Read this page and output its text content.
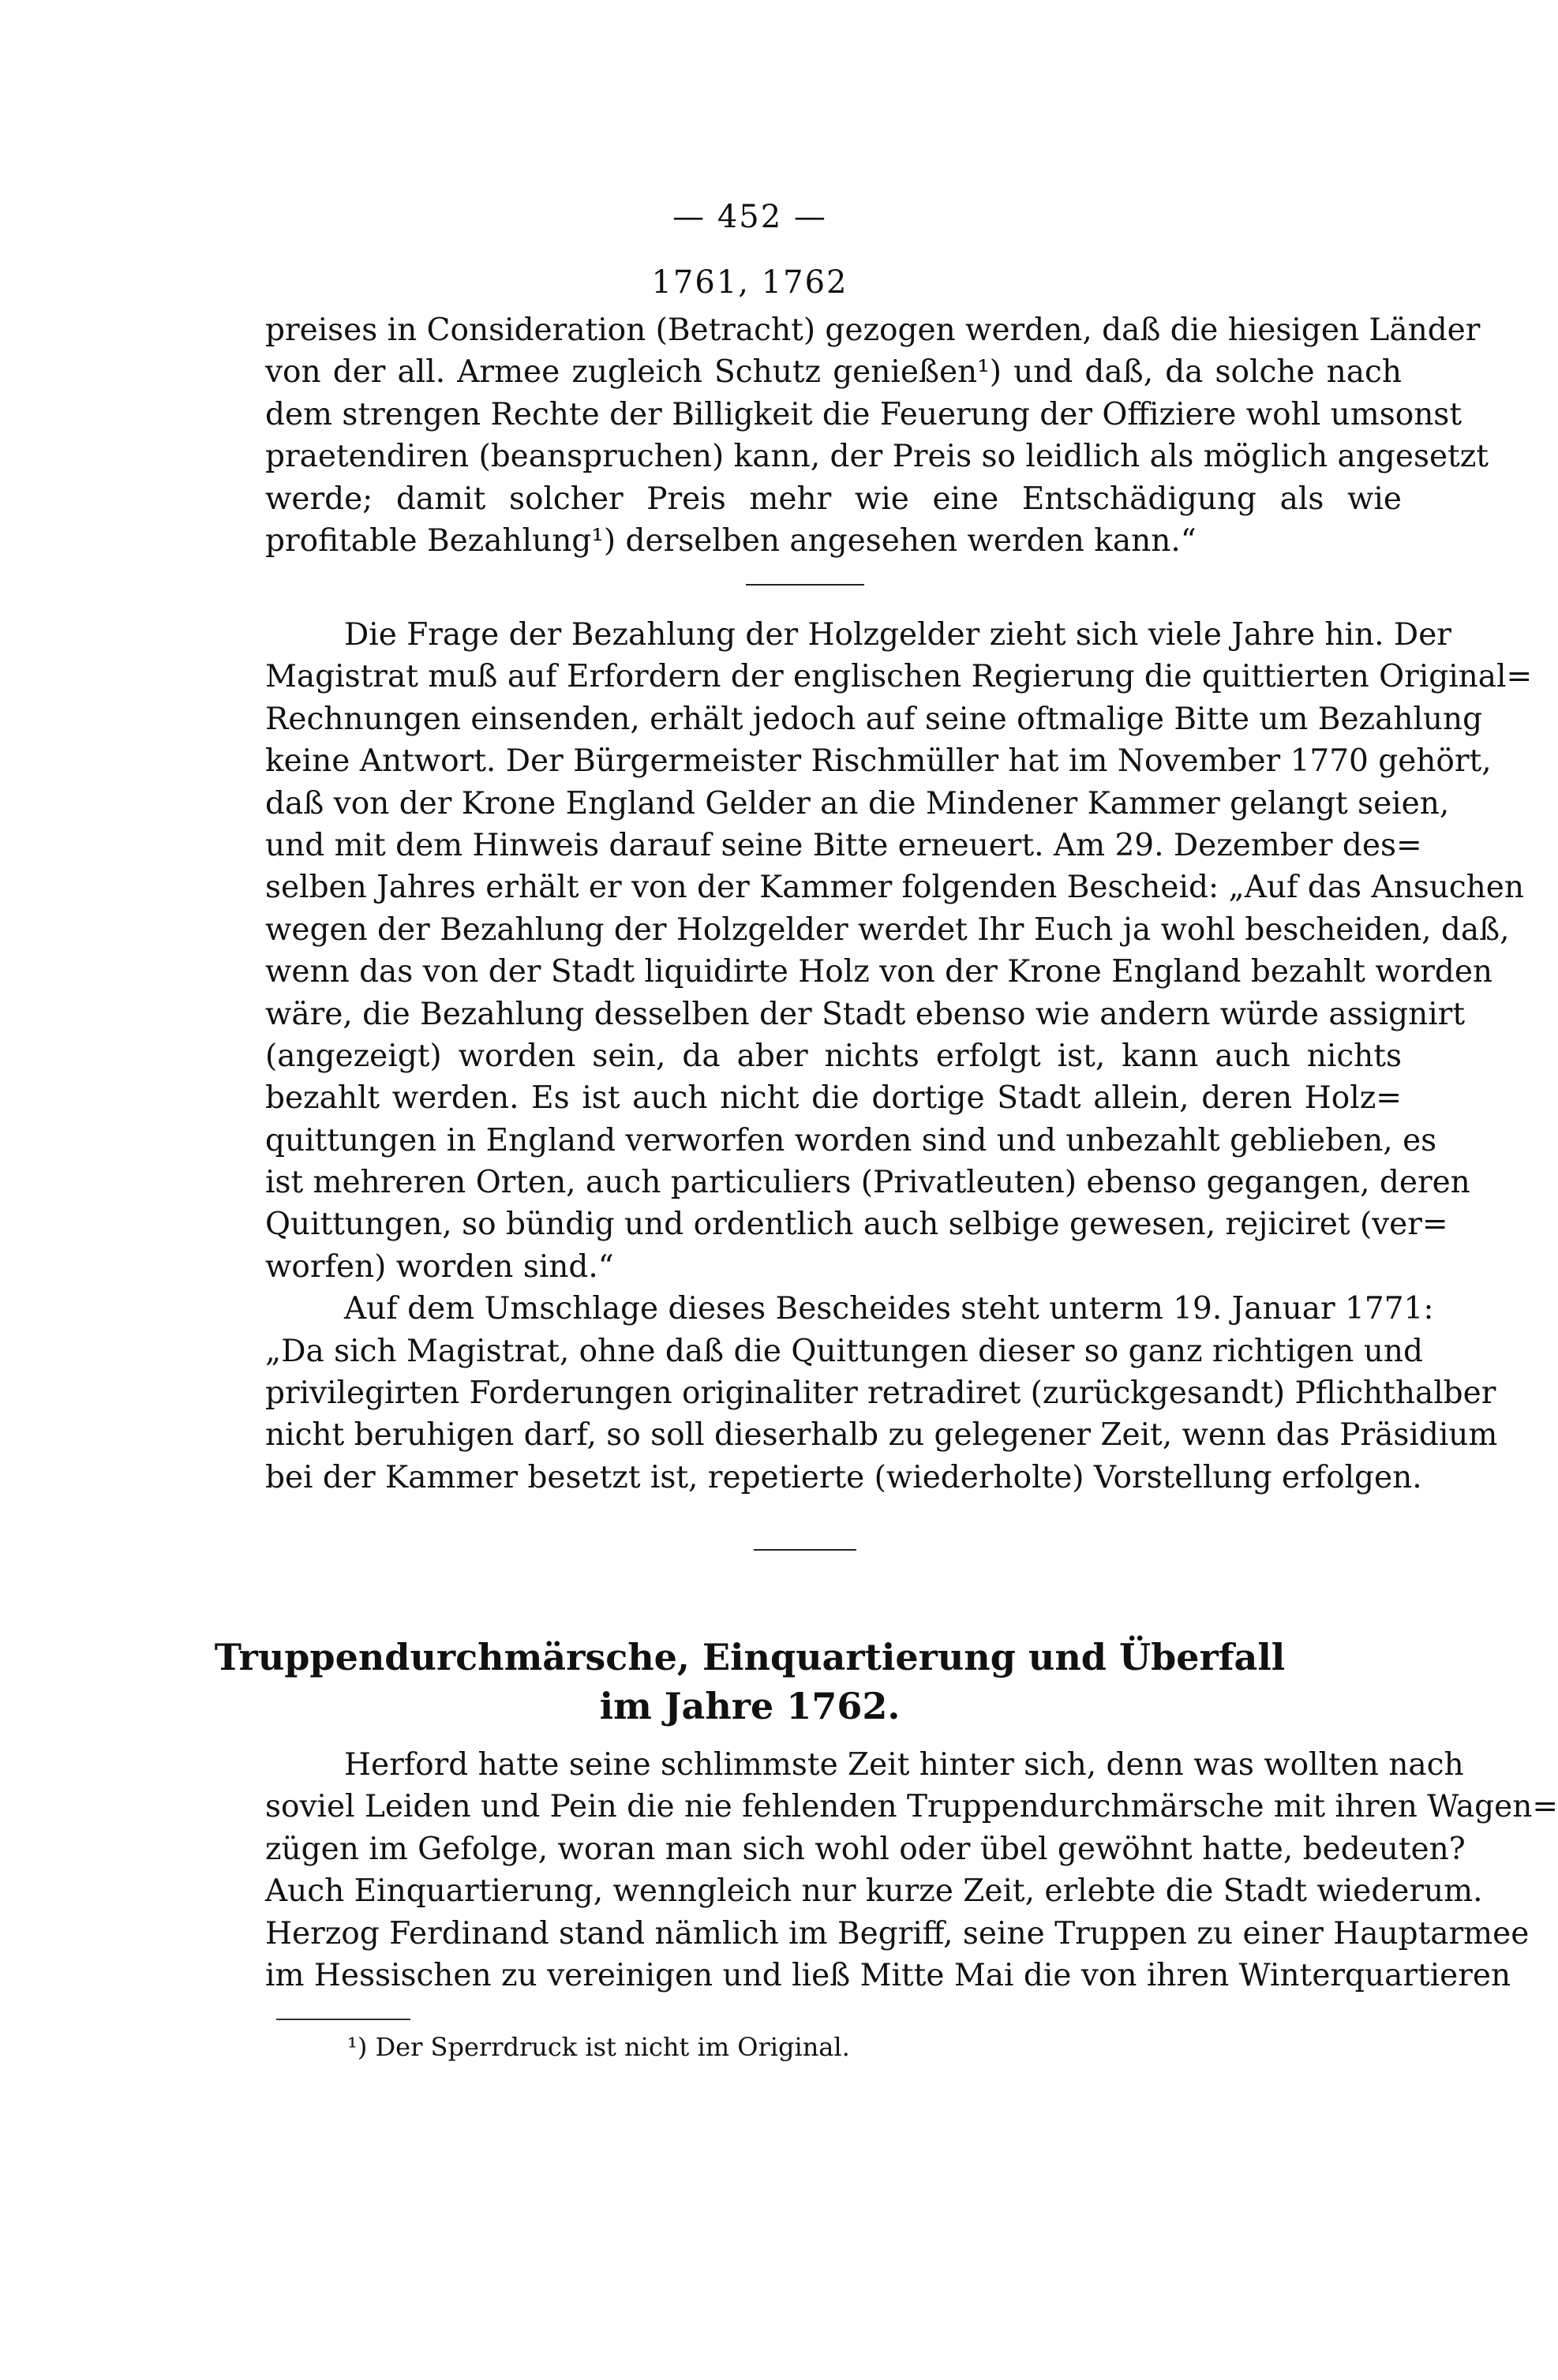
— 452 —
1761, 1762
preises in Consideration (Betracht) gezogen werden, daß die hiesigen Länder
von der all. Armee zugleich Schutz genießen¹) und daß, da solche nach
dem strengen Rechte der Billigkeit die Feuerung der Offiziere wohl umsonst
praetendiren (beanspruchen) kann, der Preis so leidlich als möglich angesetzt
werde; damit solcher Preis mehr wie eine Entschädigung als wie
profitable Bezahlung¹) derselben angesehen werden kann.“
Die Frage der Bezahlung der Holzgelder zieht sich viele Jahre hin. Der
Magistrat muß auf Erfordern der englischen Regierung die quittierten Original=
Rechnungen einsenden, erhält jedoch auf seine oftmalige Bitte um Bezahlung
keine Antwort. Der Bürgermeister Rischmüller hat im November 1770 gehört,
daß von der Krone England Gelder an die Mindener Kammer gelangt seien,
und mit dem Hinweis darauf seine Bitte erneuert. Am 29. Dezember des=
selben Jahres erhält er von der Kammer folgenden Bescheid: „Auf das Ansuchen
wegen der Bezahlung der Holzgelder werdet Ihr Euch ja wohl bescheiden, daß,
wenn das von der Stadt liquidirte Holz von der Krone England bezahlt worden
wäre, die Bezahlung desselben der Stadt ebenso wie andern würde assignirt
(angezeigt) worden sein, da aber nichts erfolgt ist, kann auch nichts
bezahlt werden. Es ist auch nicht die dortige Stadt allein, deren Holz=
quittungen in England verworfen worden sind und unbezahlt geblieben, es
ist mehreren Orten, auch particuliers (Privatleuten) ebenso gegangen, deren
Quittungen, so bündig und ordentlich auch selbige gewesen, rejiciret (ver=
worfen) worden sind.“
Auf dem Umschlage dieses Bescheides steht unterm 19. Januar 1771:
„Da sich Magistrat, ohne daß die Quittungen dieser so ganz richtigen und
privilegirten Forderungen originaliter retradiret (zurückgesandt) Pflichthalber
nicht beruhigen darf, so soll dieserhalb zu gelegener Zeit, wenn das Präsidium
bei der Kammer besetzt ist, repetierte (wiederholte) Vorstellung erfolgen.
Truppendurchmärsche, Einquartierung und Überfall
im Jahre 1762.
Herford hatte seine schlimmste Zeit hinter sich, denn was wollten nach
soviel Leiden und Pein die nie fehlenden Truppendurchmärsche mit ihren Wagen=
zügen im Gefolge, woran man sich wohl oder übel gewöhnt hatte, bedeuten?
Auch Einquartierung, wenngleich nur kurze Zeit, erlebte die Stadt wiederum.
Herzog Ferdinand stand nämlich im Begriff, seine Truppen zu einer Hauptarmee
im Hessischen zu vereinigen und ließ Mitte Mai die von ihren Winterquartieren
¹) Der Sperrdruck ist nicht im Original.
